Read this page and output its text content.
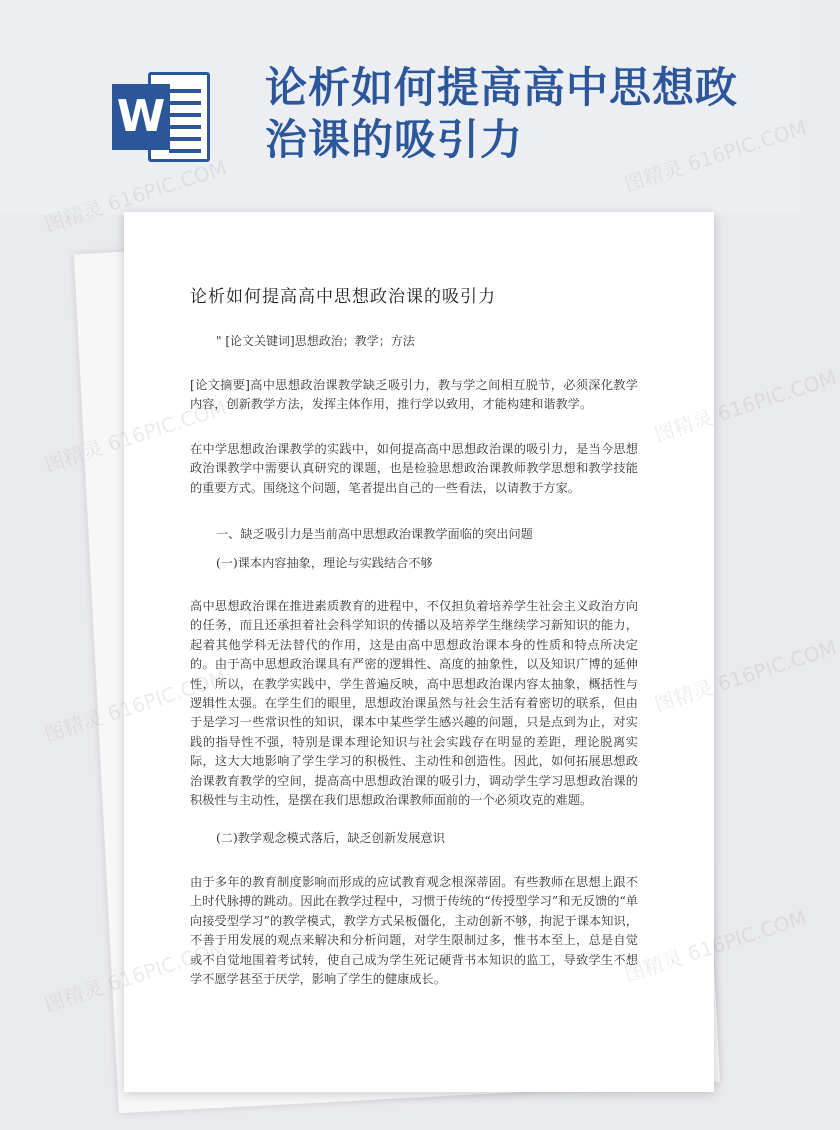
W
论析如何提高高中思想政治课的吸引力
论析如何提高高中思想政治课的吸引力
" [论文关键词]思想政治；教学；方法
[论文摘要]高中思想政治课教学缺乏吸引力，教与学之间相互脱节，必须深化教学内容，创新教学方法，发挥主体作用，推行学以致用，才能构建和谐教学。
在中学思想政治课教学的实践中，如何提高高中思想政治课的吸引力，是当今思想政治课教学中需要认真研究的课题，也是检验思想政治课教师教学思想和教学技能的重要方式。围绕这个问题，笔者提出自己的一些看法，以请教于方家。
一、缺乏吸引力是当前高中思想政治课教学面临的突出问题
(一)课本内容抽象，理论与实践结合不够
高中思想政治课在推进素质教育的进程中，不仅担负着培养学生社会主义政治方向的任务，而且还承担着社会科学知识的传播以及培养学生继续学习新知识的能力，起着其他学科无法替代的作用，这是由高中思想政治课本身的性质和特点所决定的。由于高中思想政治课具有严密的逻辑性、高度的抽象性，以及知识广博的延伸性，所以，在教学实践中，学生普遍反映，高中思想政治课内容太抽象，概括性与逻辑性太强。在学生们的眼里，思想政治课虽然与社会生活有着密切的联系，但由于是学习一些常识性的知识，课本中某些学生感兴趣的问题，只是点到为止，对实践的指导性不强，特别是课本理论知识与社会实践存在明显的差距，理论脱离实际，这大大地影响了学生学习的积极性、主动性和创造性。因此，如何拓展思想政治课教育教学的空间，提高高中思想政治课的吸引力，调动学生学习思想政治课的积极性与主动性，是摆在我们思想政治课教师面前的一个必须攻克的难题。
(二)教学观念模式落后，缺乏创新发展意识
由于多年的教育制度影响而形成的应试教育观念根深蒂固。有些教师在思想上跟不上时代脉搏的跳动。因此在教学过程中，习惯于传统的“传授型学习”和无反馈的“单向接受型学习”的教学模式，教学方式呆板僵化，主动创新不够，拘泥于课本知识，不善于用发展的观点来解决和分析问题，对学生限制过多，惟书本至上，总是自觉或不自觉地围着考试转，使自己成为学生死记硬背书本知识的监工，导致学生不想学不愿学甚至于厌学，影响了学生的健康成长。
图精灵
图精灵 616PIC.COM
图精灵
图精灵 616PIC.COM
图精灵
图精灵 616PIC.COM
